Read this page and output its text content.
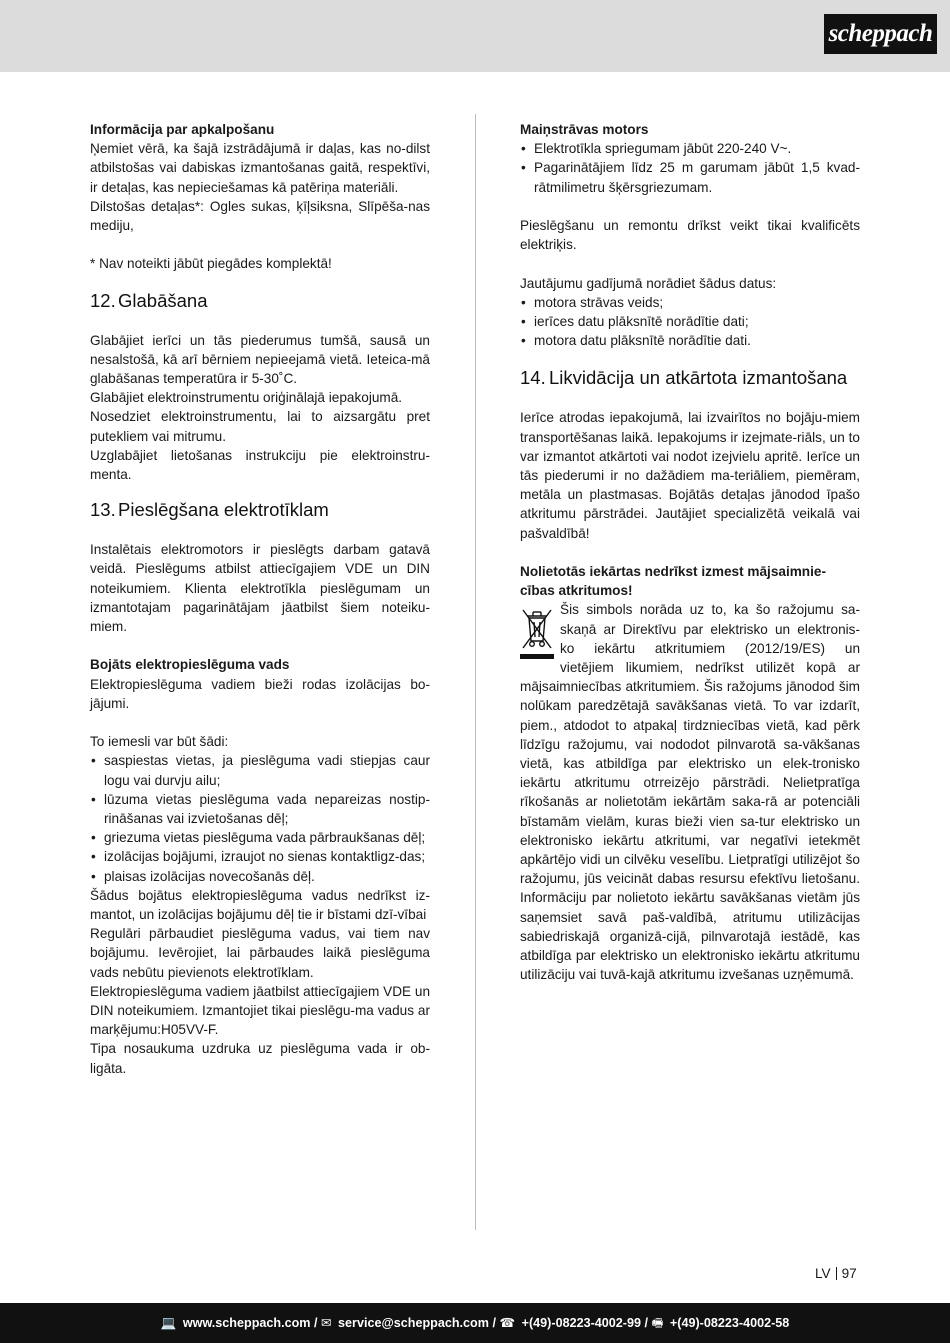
scheppach
Informācija par apkalpošanu
Ņemiet vērā, ka šajā izstrādājumā ir daļas, kas no-dilst atbilstošas vai dabiskas izmantošanas gaitā, respektīvi, ir detaļas, kas nepieciešamas kā patēriņa materiāli.
Dilstošas detaļas*: Ogles sukas, ķīļsiksna, Slīpēša-nas mediju,
* Nav noteikti jābūt piegādes komplektā!
12. Glabāšana
Glabājiet ierīci un tās piederumus tumšā, sausā un nesalstošā, kā arī bērniem nepieejamā vietā. Ieteica-mā glabāšanas temperatūra ir 5-30˚C.
Glabājiet elektroinstrumentu oriģinālajā iepakojumā.
Nosedziet elektroinstrumentu, lai to aizsargātu pret putekliem vai mitrumu.
Uzglabājiet lietošanas instrukciju pie elektroinstru-menta.
13. Pieslēgšana elektrotīklam
Instalētais elektromotors ir pieslēgts darbam gatavā veidā. Pieslēgums atbilst attiecīgajiem VDE un DIN noteikumiem. Klienta elektrotīkla pieslēgumam un izmantotajam pagarinātājam jāatbilst šiem noteiku-miem.
Bojāts elektropieslēguma vads
Elektropieslēguma vadiem bieži rodas izolācijas bo-jājumi.
To iemesli var būt šādi:
• saspiestas vietas, ja pieslēguma vadi stiepjas caur logu vai durvju ailu;
• lūzuma vietas pieslēguma vada nepareizas nostip-rināšanas vai izvietošanas dēļ;
• griezuma vietas pieslēguma vada pārbraukšanas dēļ;
• izolācijas bojājumi, izraujot no sienas kontaktligz-das;
• plaisas izolācijas novecošanās dēļ.
Šādus bojātus elektropieslēguma vadus nedrīkst iz-mantot, un izolācijas bojājumu dēļ tie ir bīstami dzī-vībai
Regulāri pārbaudiet pieslēguma vadus, vai tiem nav bojājumu. Ievērojiet, lai pārbaudes laikā pieslēguma vads nebūtu pievienots elektrotīklam.
Elektropieslēguma vadiem jāatbilst attiecīgajiem VDE un DIN noteikumiem. Izmantojiet tikai pieslēgu-ma vadus ar marķējumu:H05VV-F.
Tipa nosaukuma uzdruka uz pieslēguma vada ir ob-ligāta.
Maiņstrāvas motors
• Elektrotīkla spriegumam jābūt 220-240 V~.
• Pagarinātājiem līdz 25 m garumam jābūt 1,5 kvad-rātmilimetru šķērsgriezumam.
Pieslēgšanu un remontu drīkst veikt tikai kvalificēts elektriķis.
Jautājumu gadījumā norādiet šādus datus:
• motora strāvas veids;
• ierīces datu plāksnītē norādītie dati;
• motora datu plāksnītē norādītie dati.
14. Likvidācija un atkārtota izmantošana
Ierīce atrodas iepakojumā, lai izvairītos no bojāju-miem transportēšanas laikā. Iepakojums ir izejmate-riāls, un to var izmantot atkārtoti vai nodot izejvielu apritē. Ierīce un tās piederumi ir no dažādiem ma-teriāliem, piemēram, metāla un plastmasas. Bojātās detaļas jānodod īpašo atkritumu pārstrādei. Jautājiet specializētā veikalā vai pašvaldībā!
Nolietotās iekārtas nedrīkst izmest mājsaimnie-cības atkritumos!
Šis simbols norāda uz to, ka šo ražojumu sa-
skaņā ar Direktīvu par elektrisko un elektronis-
ko iekārtu atkritumiem (2012/19/ES) un
vietējiem likumiem, nedrīkst utilizēt kopā ar
mājsaimniecības atkritumiem. Šis ražojums jānodod šim nolūkam paredzētajā savākšanas vietā. To var izdarīt, piem., atdodot to atpakaļ tirdzniecības vietā, kad pērk līdzīgu ražojumu, vai nododot pilnvarotā sa-vākšanas vietā, kas atbildīga par elektrisko un elek-tronisko iekārtu atkritumu otrreizējo pārstrādi. Nelietpratīga rīkošanās ar nolietotām iekārtām saka-rā ar potenciāli bīstamām vielām, kuras bieži vien sa-tur elektrisko un elektronisko iekārtu atkritumi, var negatīvi ietekmēt apkārtējo vidi un cilvēku veselību. Lietpratīgi utilizējot šo ražojumu, jūs veicināt dabas resursu efektīvu lietošanu. Informāciju par nolietoto iekārtu savākšanas vietām jūs saņemsiet savā paš-valdībā, atritumu utilizācijas sabiedriskajā organizā-cijā, pilnvarotajā iestādē, kas atbildīga par elektrisko un elektronisko iekārtu atkritumu utilizāciju vai tuvā-kajā atkritumu izvešanas uzņēmumā.
LV 97
💻 www.scheppach.com / ✉ service@scheppach.com / ☎ +(49)-08223-4002-99 / 🖷 +(49)-08223-4002-58
